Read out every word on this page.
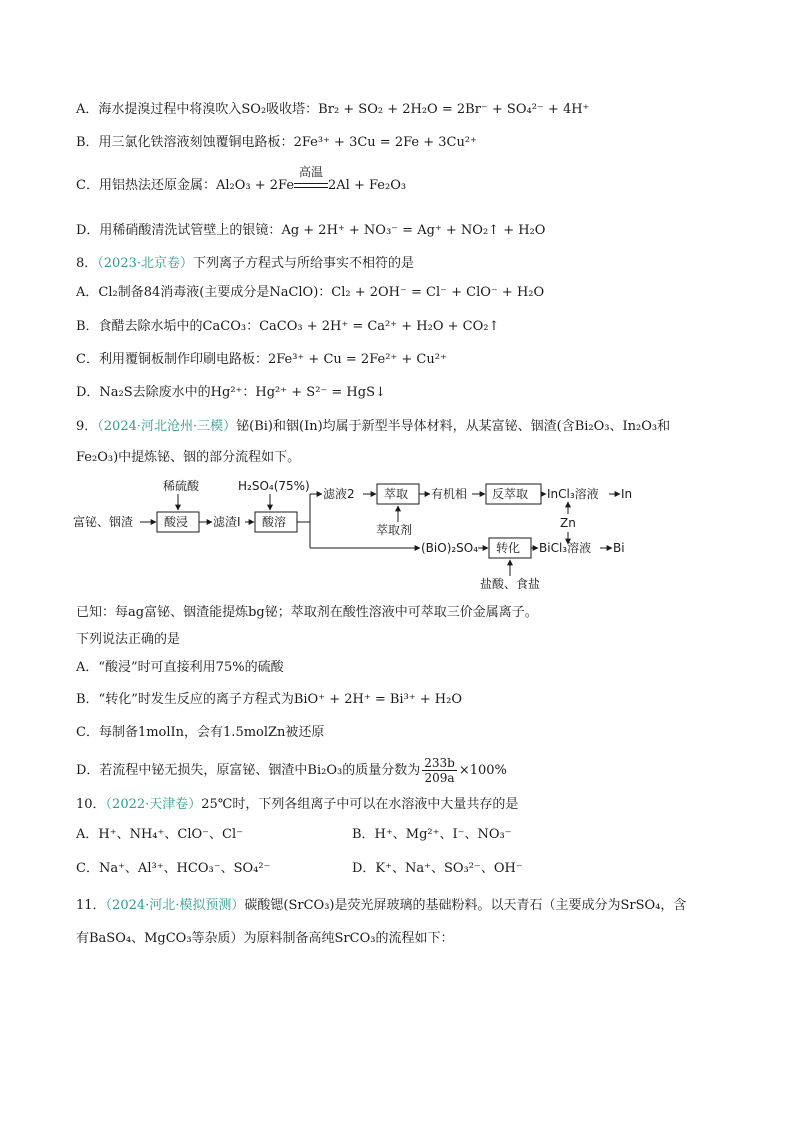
A．海水提溴过程中将溴吹入SO₂吸收塔：Br₂ + SO₂ + 2H₂O = 2Br⁻ + SO₄²⁻ + 4H⁺
B．用三氯化铁溶液刻蚀覆铜电路板：2Fe³⁺ + 3Cu = 2Fe + 3Cu²⁺
C．用铝热法还原金属：Al₂O₃ + 2Fe
高温
2Al + Fe₂O₃
D．用稀硝酸清洗试管壁上的银镜：Ag + 2H⁺ + NO₃⁻ = Ag⁺ + NO₂↑ + H₂O
8．（2023·北京卷）下列离子方程式与所给事实不相符的是
A．Cl₂制备84消毒液(主要成分是NaClO)：Cl₂ + 2OH⁻ = Cl⁻ + ClO⁻ + H₂O
B．食醋去除水垢中的CaCO₃：CaCO₃ + 2H⁺ = Ca²⁺ + H₂O + CO₂↑
C．利用覆铜板制作印刷电路板：2Fe³⁺ + Cu = 2Fe²⁺ + Cu²⁺
D．Na₂S去除废水中的Hg²⁺：Hg²⁺ + S²⁻ = HgS↓
9．（2024·河北沧州·三模）铋(Bi)和铟(In)均属于新型半导体材料，从某富铋、铟渣(含Bi₂O₃、In₂O₃和
Fe₂O₃)中提炼铋、铟的部分流程如下。
稀硫酸	H₂SO₄(75%)
富铋、铟渣	酸浸 滤渣I 酸溶
滤液2 萃取
萃取剂
有机相 反萃取 InCl₃溶液 In
Zn
(BiO)₂SO₄ 转化
盐酸、食盐
BiCl₃溶液 Bi
已知：每ag富铋、铟渣能提炼bg铋；萃取剂在酸性溶液中可萃取三价金属离子。
下列说法正确的是
A．“酸浸”时可直接利用75%的硫酸
B．“转化”时发生反应的离子方程式为BiO⁺ + 2H⁺ = Bi³⁺ + H₂O
C．每制备1molIn，会有1.5molZn被还原
D．若流程中铋无损失，原富铋、铟渣中Bi₂O₃的质量分数为 $\frac{233b}{209a} \times 100\%$
10．（2022·天津卷）25℃时，下列各组离子中可以在水溶液中大量共存的是
A．H⁺、NH₄⁺、ClO⁻、Cl⁻	B．H⁺、Mg²⁺、I⁻、NO₃⁻
C．Na⁺、Al³⁺、HCO₃⁻、SO₄²⁻	D．K⁺、Na⁺、SO₃²⁻、OH⁻
11．（2024·河北·模拟预测）碳酸锶(SrCO₃)是荧光屏玻璃的基础粉料。以天青石（主要成分为SrSO₄，含
有BaSO₄、MgCO₃等杂质）为原料制备高纯SrCO₃的流程如下：
